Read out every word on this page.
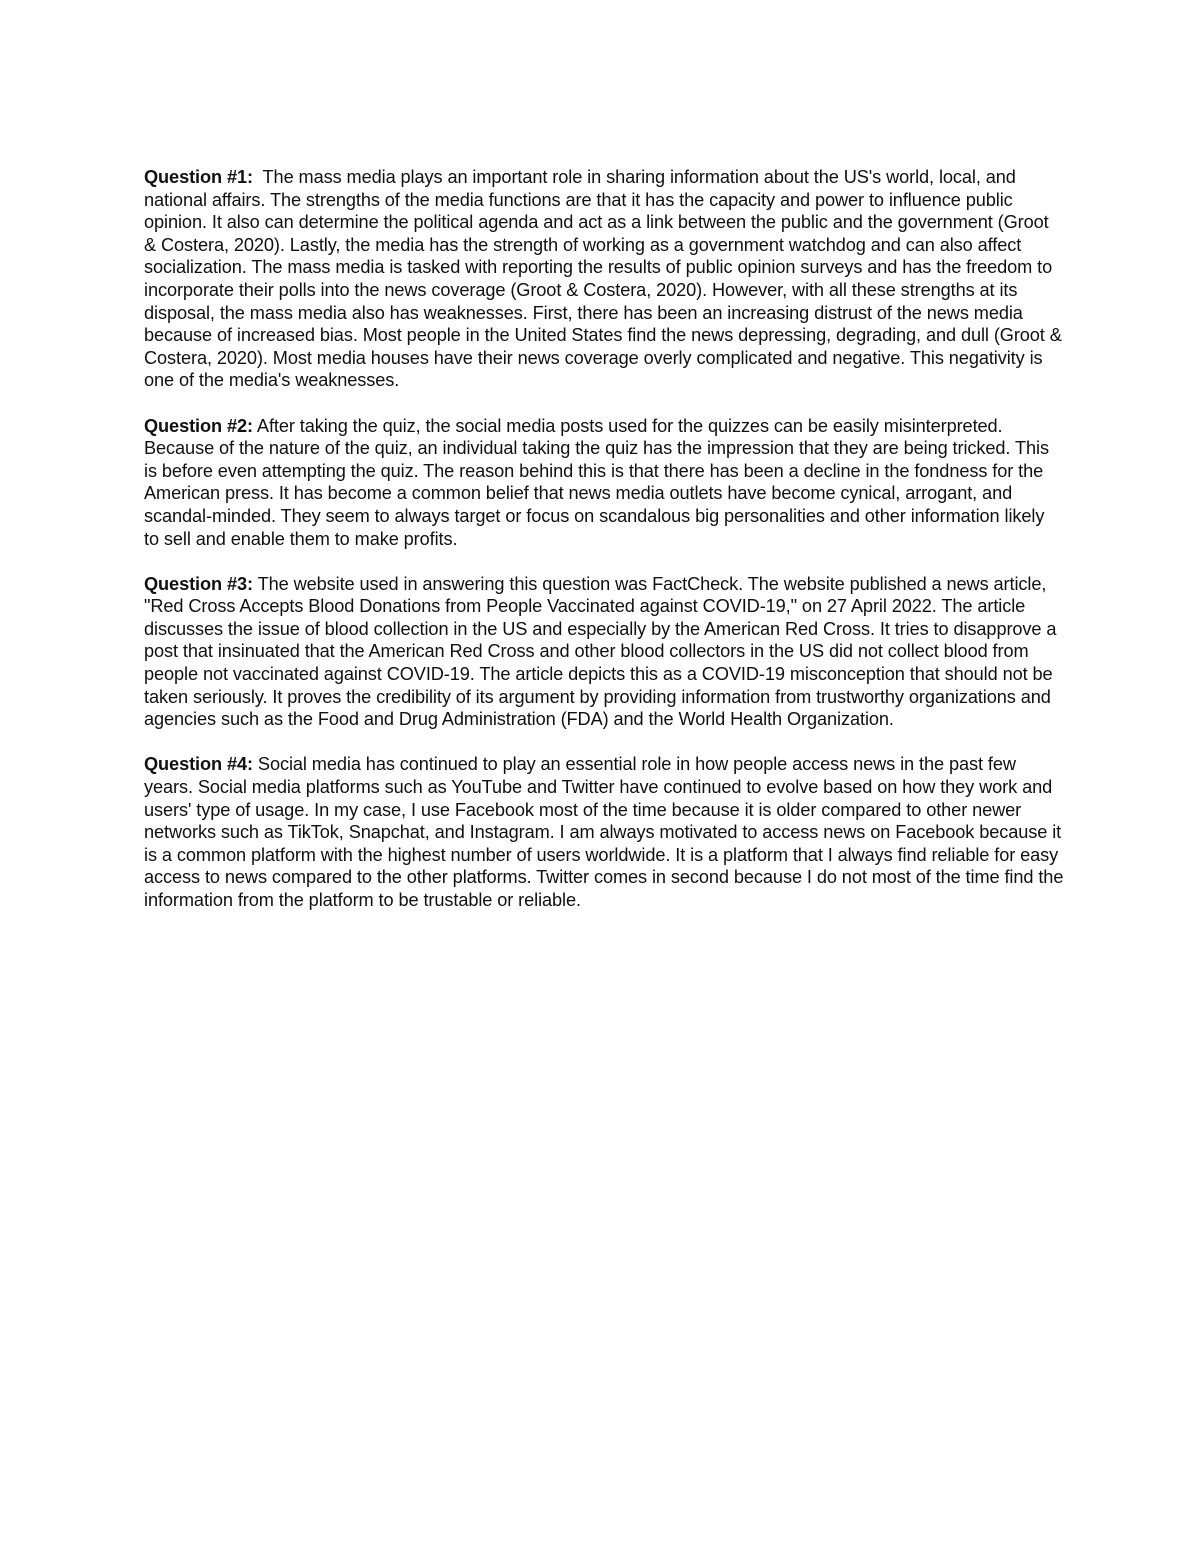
Question #1:  The mass media plays an important role in sharing information about the US's world, local, and national affairs. The strengths of the media functions are that it has the capacity and power to influence public opinion. It also can determine the political agenda and act as a link between the public and the government (Groot & Costera, 2020). Lastly, the media has the strength of working as a government watchdog and can also affect socialization. The mass media is tasked with reporting the results of public opinion surveys and has the freedom to incorporate their polls into the news coverage (Groot & Costera, 2020). However, with all these strengths at its disposal, the mass media also has weaknesses. First, there has been an increasing distrust of the news media because of increased bias. Most people in the United States find the news depressing, degrading, and dull (Groot & Costera, 2020). Most media houses have their news coverage overly complicated and negative. This negativity is one of the media's weaknesses.

Question #2: After taking the quiz, the social media posts used for the quizzes can be easily misinterpreted. Because of the nature of the quiz, an individual taking the quiz has the impression that they are being tricked. This is before even attempting the quiz. The reason behind this is that there has been a decline in the fondness for the American press. It has become a common belief that news media outlets have become cynical, arrogant, and scandal-minded. They seem to always target or focus on scandalous big personalities and other information likely to sell and enable them to make profits.

Question #3: The website used in answering this question was FactCheck. The website published a news article, "Red Cross Accepts Blood Donations from People Vaccinated against COVID-19," on 27 April 2022. The article discusses the issue of blood collection in the US and especially by the American Red Cross. It tries to disapprove a post that insinuated that the American Red Cross and other blood collectors in the US did not collect blood from people not vaccinated against COVID-19. The article depicts this as a COVID-19 misconception that should not be taken seriously. It proves the credibility of its argument by providing information from trustworthy organizations and agencies such as the Food and Drug Administration (FDA) and the World Health Organization.

Question #4: Social media has continued to play an essential role in how people access news in the past few years. Social media platforms such as YouTube and Twitter have continued to evolve based on how they work and users' type of usage. In my case, I use Facebook most of the time because it is older compared to other newer networks such as TikTok, Snapchat, and Instagram. I am always motivated to access news on Facebook because it is a common platform with the highest number of users worldwide. It is a platform that I always find reliable for easy access to news compared to the other platforms. Twitter comes in second because I do not most of the time find the information from the platform to be trustable or reliable.
